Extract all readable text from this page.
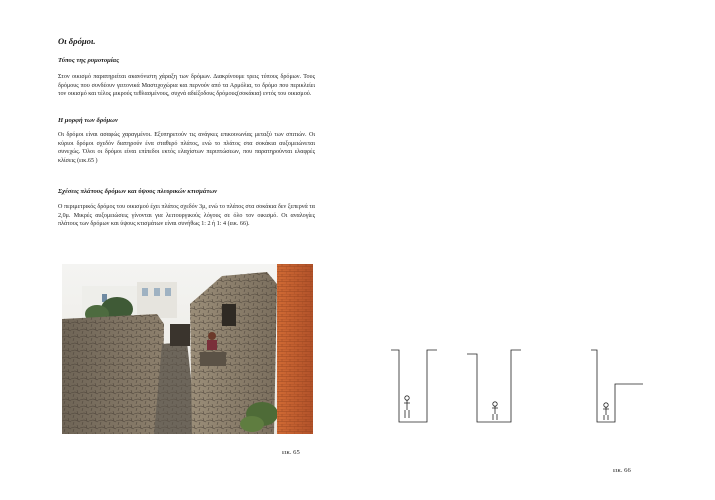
Οι δρόμοι.
Τύπος της ρυμοτομίας
Στον οικισμό παρατηρείται ακανόνιστη χάραξη των δρόμων. Διακρίνουμε τρεις τύπους δρόμων. Τους δρόμους που συνδέουν γειτονικά Μαστιχοχώρια και περνούν από τα Αρμόλια, το δρόμο που περικλείει τον οικισμό και τέλος μικρούς τεθλασμένους, συχνά αδιέξοδους δρόμους(σοκάκια) εντός του οικισμού.
Η μορφή των δρόμων
Οι δρόμοι είναι ασαφώς χαραγμένοι. Εξυπηρετούν τις ανάγκες επικοινωνίας μεταξύ των σπιτιών. Οι κύριοι δρόμοι σχεδόν διατηρούν ένα σταθερό πλάτος, ενώ το πλάτος στα σοκάκια αυξομειώνεται συνεχώς. Όλοι οι δρόμοι είναι επίπεδοι εκτός ελαχίστων περιπτώσεων, που παρατηρούνται ελαφρές κλίσεις (εικ.65 )
Σχέσεις πλάτους δρόμων και ύψους πλευρικών κτισμάτων
Ο περιμετρικός δρόμος του οικισμού έχει πλάτος σχεδόν 3μ, ενώ το πλάτος στα σοκάκια δεν ξεπερνά τα 2,0μ. Μικρές αυξομειώσεις γίνονται για λειτουργικούς λόγους σε όλο τον οικισμό. Οι αναλογίες πλάτους των δρόμων και ύψους κτισμάτων είναι συνήθως 1: 2 ή 1: 4 (εικ. 66).
εικ. 65
εικ. 66
